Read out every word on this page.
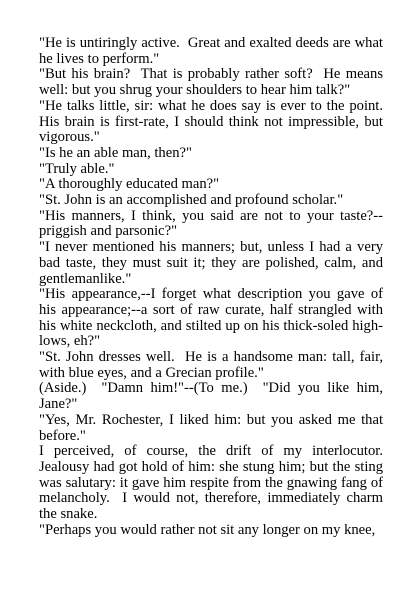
"He is untiringly active.  Great and exalted deeds are what he lives to perform."

"But his brain?  That is probably rather soft?  He means well: but you shrug your shoulders to hear him talk?"

"He talks little, sir: what he does say is ever to the point.  His brain is first-rate, I should think not impressible, but vigorous."

"Is he an able man, then?"

"Truly able."

"A thoroughly educated man?"

"St. John is an accomplished and profound scholar."

"His manners, I think, you said are not to your taste?--priggish and parsonic?"

"I never mentioned his manners; but, unless I had a very bad taste, they must suit it; they are polished, calm, and gentlemanlike."

"His appearance,--I forget what description you gave of his appearance;--a sort of raw curate, half strangled with his white neckcloth, and stilted up on his thick-soled high-lows, eh?"

"St. John dresses well.  He is a handsome man: tall, fair, with blue eyes, and a Grecian profile."

(Aside.)  "Damn him!"--(To me.)  "Did you like him, Jane?"

"Yes, Mr. Rochester, I liked him: but you asked me that before."

I perceived, of course, the drift of my interlocutor.  Jealousy had got hold of him: she stung him; but the sting was salutary: it gave him respite from the gnawing fang of melancholy.  I would not, therefore, immediately charm the snake.

"Perhaps you would rather not sit any longer on my knee,
